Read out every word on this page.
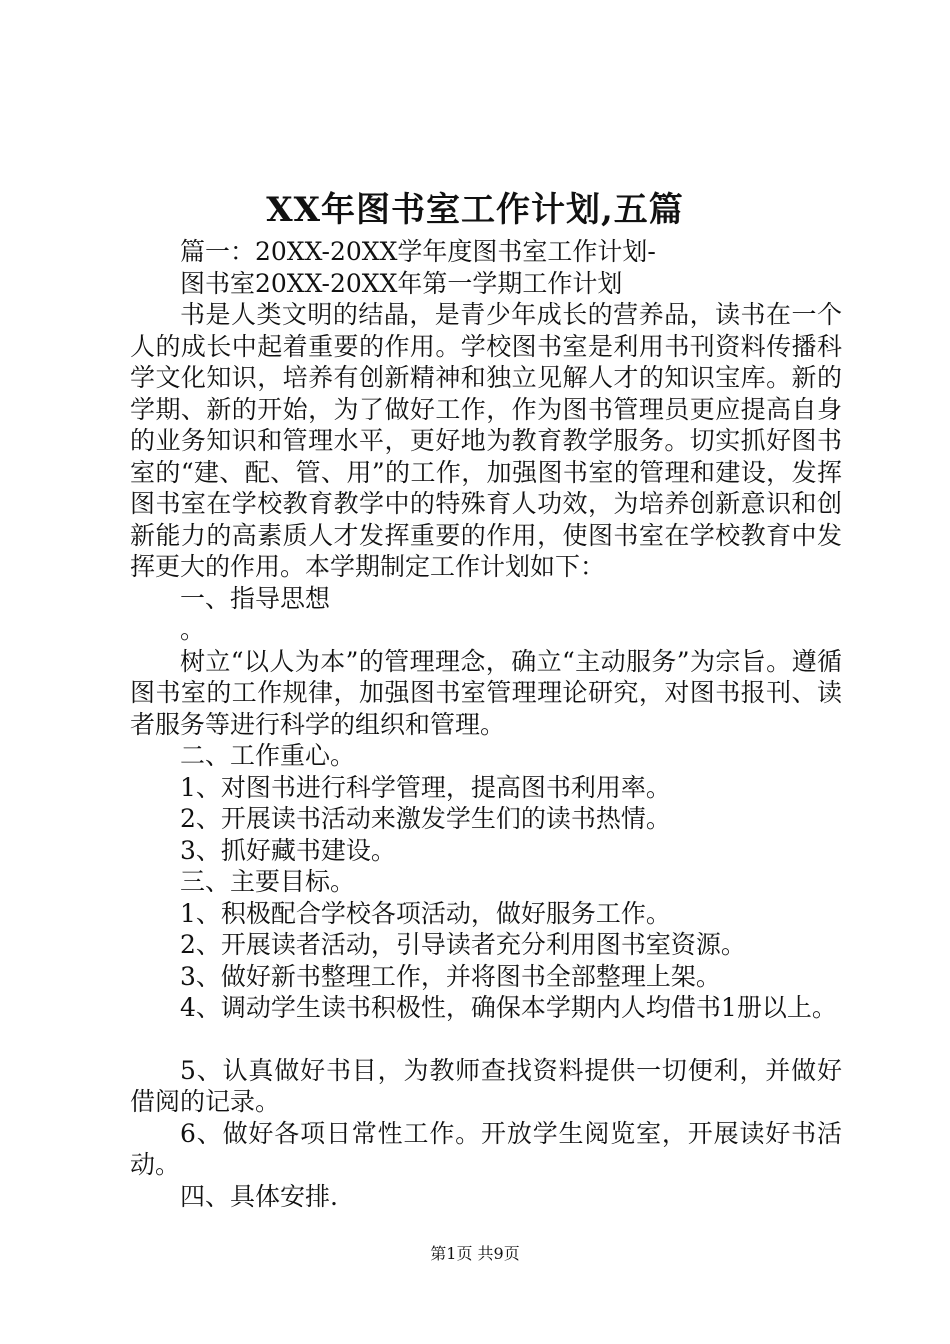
XX年图书室工作计划,五篇

篇一：20XX-20XX学年度图书室工作计划-

图书室20XX-20XX年第一学期工作计划

书是人类文明的结晶，是青少年成长的营养品，读书在一个人的成长中起着重要的作用。学校图书室是利用书刊资料传播科学文化知识，培养有创新精神和独立见解人才的知识宝库。新的学期、新的开始，为了做好工作，作为图书管理员更应提高自身的业务知识和管理水平，更好地为教育教学服务。切实抓好图书室的“建、配、管、用”的工作，加强图书室的管理和建设，发挥图书室在学校教育教学中的特殊育人功效，为培养创新意识和创新能力的高素质人才发挥重要的作用，使图书室在学校教育中发挥更大的作用。本学期制定工作计划如下：

一、指导思想

。

树立“以人为本”的管理理念，确立“主动服务”为宗旨。遵循图书室的工作规律，加强图书室管理理论研究，对图书报刊、读者服务等进行科学的组织和管理。

二、工作重心。

1、对图书进行科学管理，提高图书利用率。

2、开展读书活动来激发学生们的读书热情。

3、抓好藏书建设。

三、主要目标。

1、积极配合学校各项活动，做好服务工作。

2、开展读者活动，引导读者充分利用图书室资源。

3、做好新书整理工作，并将图书全部整理上架。

4、调动学生读书积极性，确保本学期内人均借书1册以上。

5、认真做好书目，为教师查找资料提供一切便利，并做好借阅的记录。

6、做好各项日常性工作。开放学生阅览室，开展读好书活动。

四、具体安排.

第1页 共9页
